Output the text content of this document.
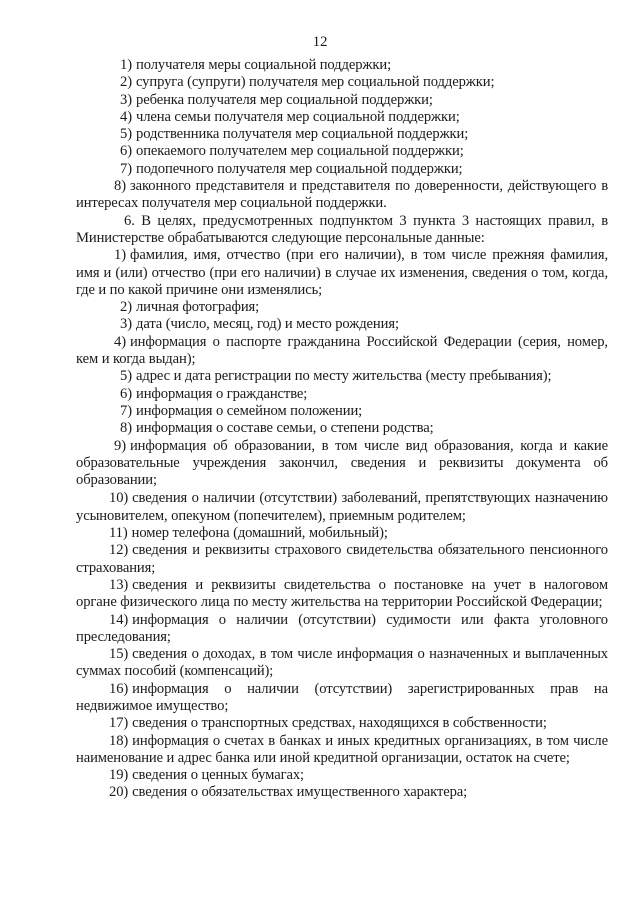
12
1) получателя меры социальной поддержки;
2) супруга (супруги) получателя мер социальной поддержки;
3) ребенка получателя мер социальной поддержки;
4) члена семьи получателя мер социальной поддержки;
5) родственника получателя мер социальной поддержки;
6) опекаемого получателем мер социальной поддержки;
7) подопечного получателя мер социальной поддержки;
8) законного представителя и представителя по доверенности, действующего в интересах получателя мер социальной поддержки.
6. В целях, предусмотренных подпунктом 3 пункта 3 настоящих правил, в Министерстве обрабатываются следующие персональные данные:
1) фамилия, имя, отчество (при его наличии), в том числе прежняя фамилия, имя и (или) отчество (при его наличии) в случае их изменения, сведения о том, когда, где и по какой причине они изменялись;
2) личная фотография;
3) дата (число, месяц, год) и место рождения;
4) информация о паспорте гражданина Российской Федерации (серия, номер, кем и когда выдан);
5) адрес и дата регистрации по месту жительства (месту пребывания);
6) информация о гражданстве;
7) информация о семейном положении;
8) информация о составе семьи, о степени родства;
9) информация об образовании, в том числе вид образования, когда и какие образовательные учреждения закончил, сведения и реквизиты документа об образовании;
10) сведения о наличии (отсутствии) заболеваний, препятствующих назначению усыновителем, опекуном (попечителем), приемным родителем;
11) номер телефона (домашний, мобильный);
12) сведения и реквизиты страхового свидетельства обязательного пенсионного страхования;
13) сведения и реквизиты свидетельства о постановке на учет в налоговом органе физического лица по месту жительства на территории Российской Федерации;
14) информация о наличии (отсутствии) судимости или факта уголовного преследования;
15) сведения о доходах, в том числе информация о назначенных и выплаченных суммах пособий (компенсаций);
16) информация о наличии (отсутствии) зарегистрированных прав на недвижимое имущество;
17) сведения о транспортных средствах, находящихся в собственности;
18) информация о счетах в банках и иных кредитных организациях, в том числе наименование и адрес банка или иной кредитной организации, остаток на счете;
19) сведения о ценных бумагах;
20) сведения о обязательствах имущественного характера;
